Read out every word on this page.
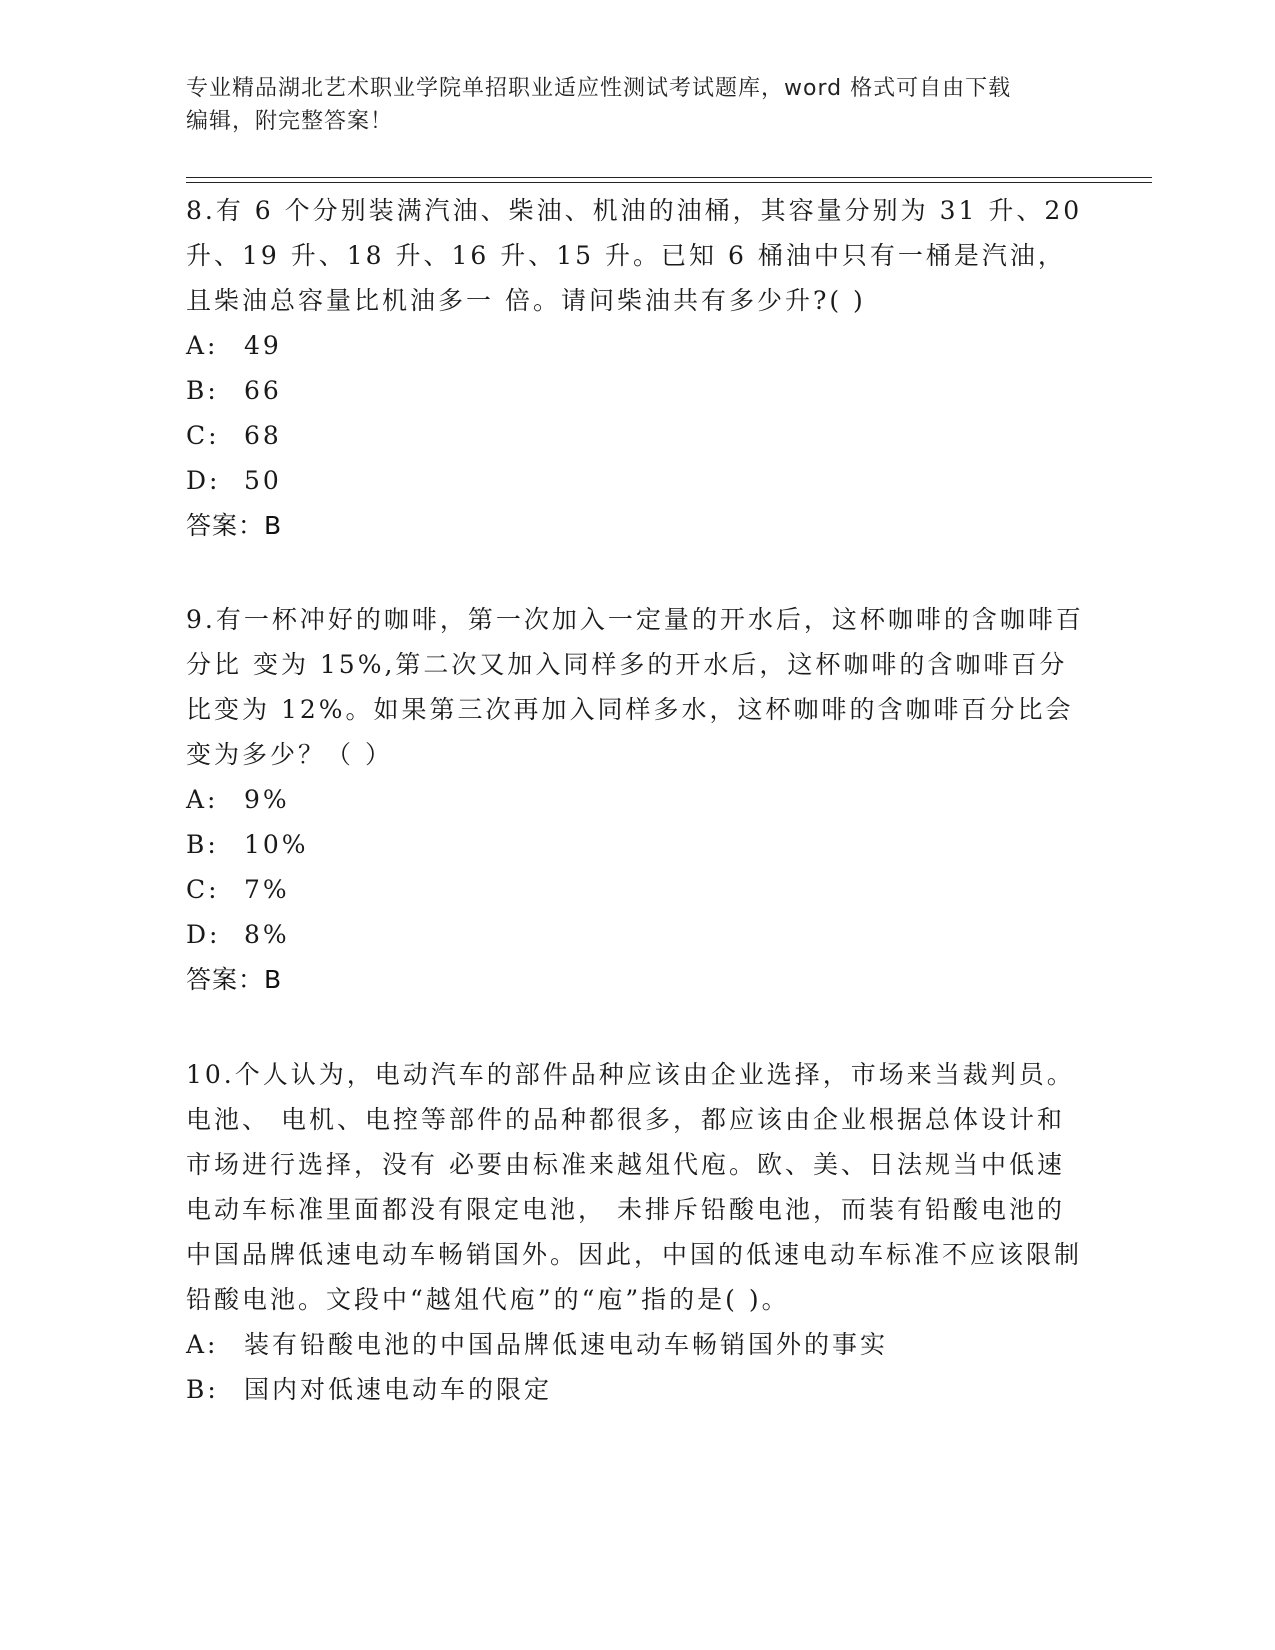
专业精品湖北艺术职业学院单招职业适应性测试考试题库，word 格式可自由下载
编辑，附完整答案！

8.有 6 个分别装满汽油、柴油、机油的油桶，其容量分别为 31 升、20 升、19 升、18 升、16 升、15 升。已知 6 桶油中只有一桶是汽油，且柴油总容量比机油多一 倍。请问柴油共有多少升?( )

A: 49
B: 66
C: 68
D: 50
答案：B

9.有一杯冲好的咖啡，第一次加入一定量的开水后，这杯咖啡的含咖啡百分比 变为 15%,第二次又加入同样多的开水后，这杯咖啡的含咖啡百分比变为 12%。如果第三次再加入同样多水，这杯咖啡的含咖啡百分比会变为多少？（ ）

A: 9%
B: 10%
C: 7%
D: 8%
答案：B

10.个人认为，电动汽车的部件品种应该由企业选择，市场来当裁判员。电池、 电机、电控等部件的品种都很多，都应该由企业根据总体设计和市场进行选择，没有 必要由标准来越俎代庖。欧、美、日法规当中低速电动车标准里面都没有限定电池， 未排斥铅酸电池，而装有铅酸电池的中国品牌低速电动车畅销国外。因此，中国的低速电动车标准不应该限制铅酸电池。文段中“越俎代庖”的“庖”指的是( )。

A: 装有铅酸电池的中国品牌低速电动车畅销国外的事实
B: 国内对低速电动车的限定
